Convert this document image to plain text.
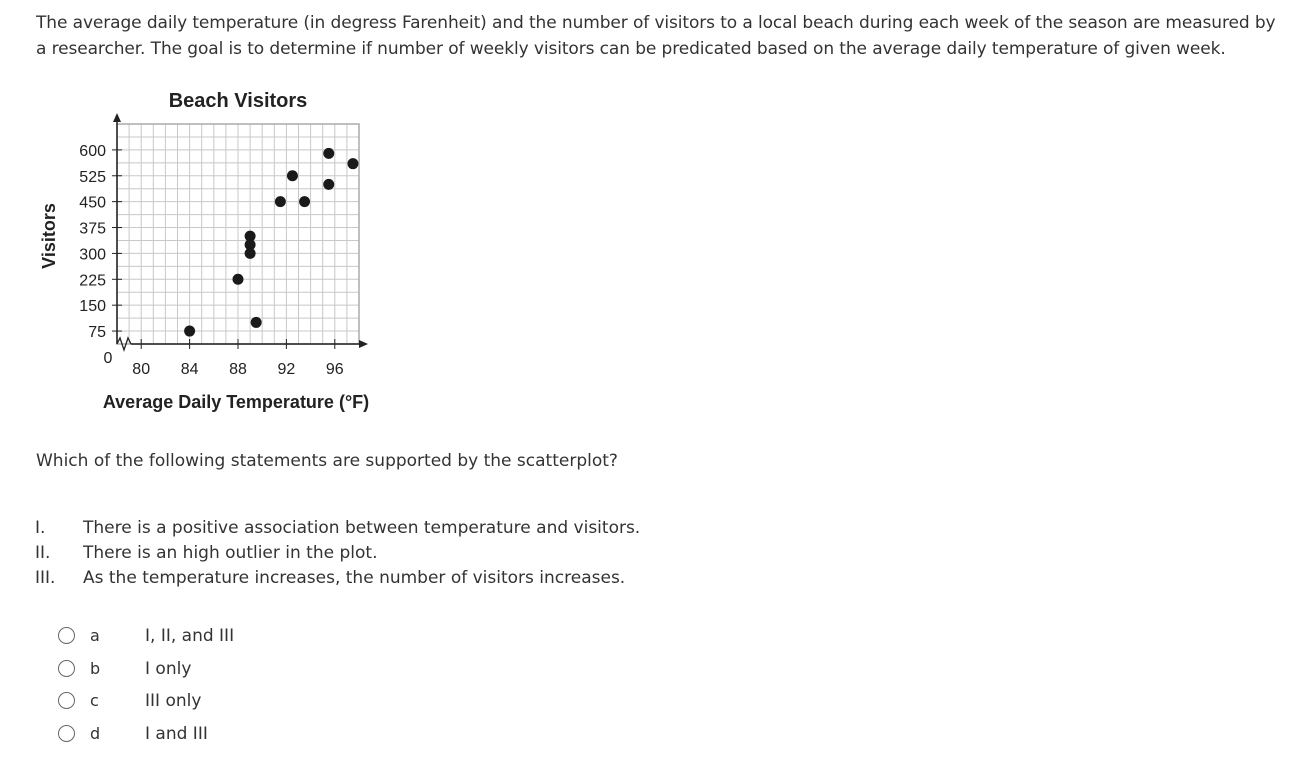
The average daily temperature (in degress Farenheit) and the number of visitors to a local beach during each week of the season are measured by a researcher. The goal is to determine if number of weekly visitors can be predicated based on the average daily temperature of given week.
Beach Visitors
Visitors
Average Daily Temperature (°F)
0
75
150
225
300
375
450
525
600
80 84 88 92 96
Which of the following statements are supported by the scatterplot?
I. There is a positive association between temperature and visitors.
II. There is an high outlier in the plot.
III. As the temperature increases, the number of visitors increases.
a	I, II, and III
b	I only
c	III only
d	I and III
